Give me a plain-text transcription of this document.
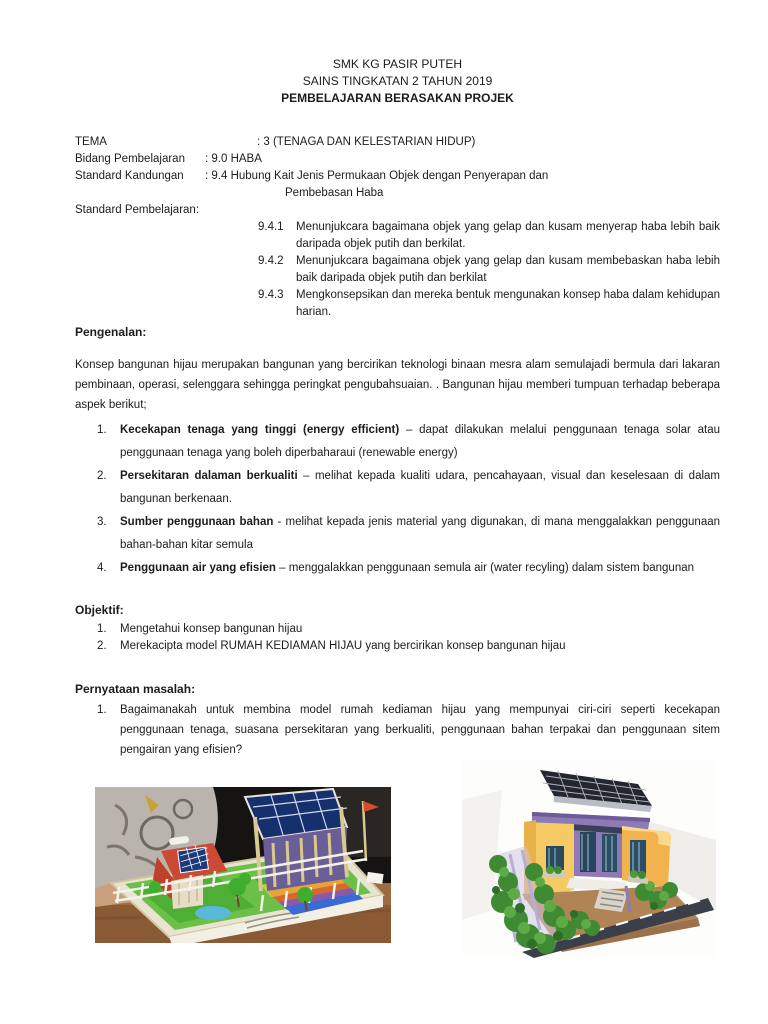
SMK KG PASIR PUTEH
SAINS TINGKATAN 2 TAHUN 2019
PEMBELAJARAN BERASAKAN PROJEK
TEMA	: 3 (TENAGA DAN KELESTARIAN HIDUP)
Bidang Pembelajaran	: 9.0 HABA
Standard Kandungan	: 9.4 Hubung Kait Jenis Permukaan Objek dengan Penyerapan dan
Pembebasan Haba
Standard Pembelajaran:
9.4.1	Menunjukcara bagaimana objek yang gelap dan kusam menyerap haba lebih baik daripada objek putih dan berkilat.
9.4.2	Menunjukcara bagaimana objek yang gelap dan kusam membebaskan haba lebih baik daripada objek putih dan berkilat
9.4.3	Mengkonsepsikan dan mereka bentuk mengunakan konsep haba dalam kehidupan harian.
Pengenalan:
Konsep bangunan hijau merupakan bangunan yang bercirikan teknologi binaan mesra alam semulajadi bermula dari lakaran pembinaan, operasi, selenggara sehingga peringkat pengubahsuaian. . Bangunan hijau memberi tumpuan terhadap beberapa aspek berikut;
1.	Kecekapan tenaga yang tinggi (energy efficient) – dapat dilakukan melalui penggunaan tenaga solar atau penggunaan tenaga yang boleh diperbaharaui (renewable energy)
2.	Persekitaran dalaman berkualiti – melihat kepada kualiti udara, pencahayaan, visual dan keselesaan di dalam bangunan berkenaan.
3.	Sumber penggunaan bahan - melihat kepada jenis material yang digunakan, di mana menggalakkan penggunaan bahan-bahan kitar semula
4.	Penggunaan air yang efisien – menggalakkan penggunaan semula air (water recyling) dalam sistem bangunan
Objektif:
1.	Mengetahui konsep bangunan hijau
2.	Merekacipta model RUMAH KEDIAMAN HIJAU yang bercirikan konsep bangunan hijau
Pernyataan masalah:
1.	Bagaimanakah untuk membina model rumah kediaman hijau yang mempunyai ciri-ciri seperti kecekapan penggunaan tenaga, suasana persekitaran yang berkualiti, penggunaan bahan terpakai dan penggunaan sitem pengairan yang efisien?
